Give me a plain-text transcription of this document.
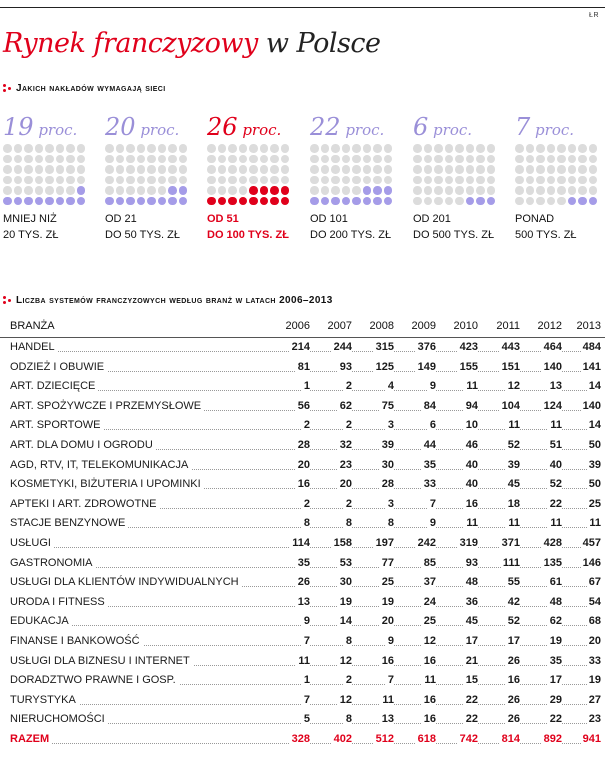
ŁR
Rynek franczyzowy w Polsce
Jakich nakładów wymagają sieci
19 proc.
MNIEJ NIŻ
20 TYS. ZŁ
20 proc.
OD 21
DO 50 TYS. ZŁ
26 proc.
OD 51
DO 100 TYS. ZŁ
22 proc.
OD 101
DO 200 TYS. ZŁ
6 proc.
OD 201
DO 500 TYS. ZŁ
7 proc.
PONAD
500 TYS. ZŁ
Liczba systemów franczyzowych według branż w latach 2006–2013
BRANŻA	2006	2007	2008	2009	2010	2011	2012	2013
HANDEL	214	244	315	376	423	443	464	484
ODZIEŻ I OBUWIE	81	93	125	149	155	151	140	141
ART. DZIECIĘCE	1	2	4	9	11	12	13	14
ART. SPOŻYWCZE I PRZEMYSŁOWE	56	62	75	84	94	104	124	140
ART. SPORTOWE	2	2	3	6	10	11	11	14
ART. DLA DOMU I OGRODU	28	32	39	44	46	52	51	50
AGD, RTV, IT, TELEKOMUNIKACJA	20	23	30	35	40	39	40	39
KOSMETYKI, BIŻUTERIA I UPOMINKI	16	20	28	33	40	45	52	50
APTEKI I ART. ZDROWOTNE	2	2	3	7	16	18	22	25
STACJE BENZYNOWE	8	8	8	9	11	11	11	11
USŁUGI	114	158	197	242	319	371	428	457
GASTRONOMIA	35	53	77	85	93	111	135	146
USŁUGI DLA KLIENTÓW INDYWIDUALNYCH	26	30	25	37	48	55	61	67
URODA I FITNESS	13	19	19	24	36	42	48	54
EDUKACJA	9	14	20	25	45	52	62	68
FINANSE I BANKOWOŚĆ	7	8	9	12	17	17	19	20
USŁUGI DLA BIZNESU I INTERNET	11	12	16	16	21	26	35	33
DORADZTWO PRAWNE I GOSP.	1	2	7	11	15	16	17	19
TURYSTYKA	7	12	11	16	22	26	29	27
NIERUCHOMOŚCI	5	8	13	16	22	26	22	23
RAZEM	328	402	512	618	742	814	892	941
